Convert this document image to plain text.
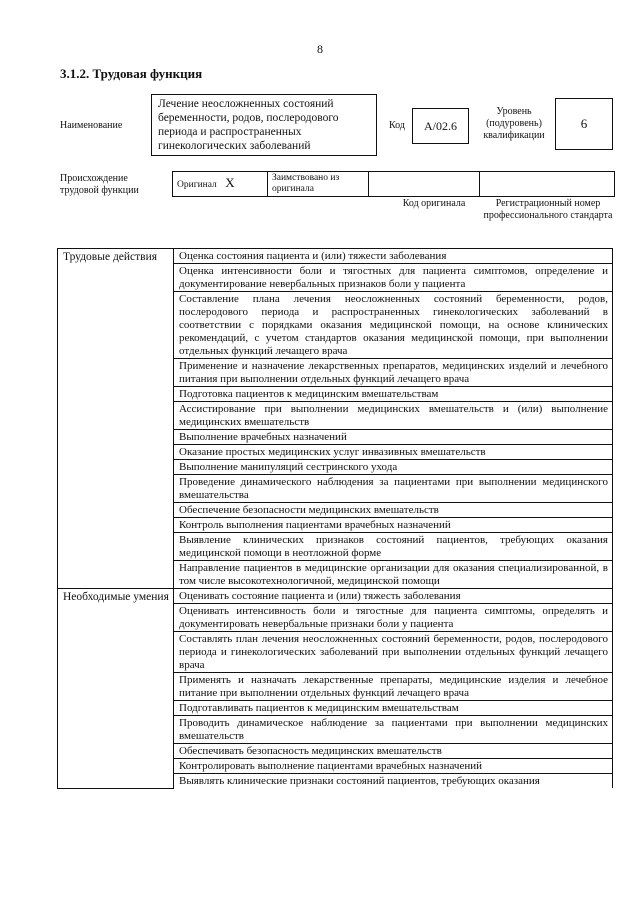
8
3.1.2. Трудовая функция
Наименование
Лечение неосложненных состояний беременности, родов, послеродового периода и распространенных гинекологических заболеваний
Код A/02.6
Уровень (подуровень) квалификации
6
Происхождение трудовой функции	Оригинал X	Заимствовано из оригинала		
Код оригинала	Регистрационный номер профессионального стандарта
Трудовые действия	Оценка состояния пациента и (или) тяжести заболевания
	Оценка интенсивности боли и тягостных для пациента симптомов, определение и документирование невербальных признаков боли у пациента
	Составление плана лечения неосложненных состояний беременности, родов, послеродового периода и распространенных гинекологических заболеваний в соответствии с порядками оказания медицинской помощи, на основе клинических рекомендаций, с учетом стандартов оказания медицинской помощи, при выполнении отдельных функций лечащего врача
	Применение и назначение лекарственных препаратов, медицинских изделий и лечебного питания при выполнении отдельных функций лечащего врача
	Подготовка пациентов к медицинским вмешательствам
	Ассистирование при выполнении медицинских вмешательств и (или) выполнение медицинских вмешательств
	Выполнение врачебных назначений
	Оказание простых медицинских услуг инвазивных вмешательств
	Выполнение манипуляций сестринского ухода
	Проведение динамического наблюдения за пациентами при выполнении медицинского вмешательства
	Обеспечение безопасности медицинских вмешательств
	Контроль выполнения пациентами врачебных назначений
	Выявление клинических признаков состояний пациентов, требующих оказания медицинской помощи в неотложной форме
	Направление пациентов в медицинские организации для оказания специализированной, в том числе высокотехнологичной, медицинской помощи
Необходимые умения	Оценивать состояние пациента и (или) тяжесть заболевания
	Оценивать интенсивность боли и тягостные для пациента симптомы, определять и документировать невербальные признаки боли у пациента
	Составлять план лечения неосложненных состояний беременности, родов, послеродового периода и гинекологических заболеваний при выполнении отдельных функций лечащего врача
	Применять и назначать лекарственные препараты, медицинские изделия и лечебное питание при выполнении отдельных функций лечащего врача
	Подготавливать пациентов к медицинским вмешательствам
	Проводить динамическое наблюдение за пациентами при выполнении медицинских вмешательств
	Обеспечивать безопасность медицинских вмешательств
	Контролировать выполнение пациентами врачебных назначений
	Выявлять клинические признаки состояний пациентов, требующих оказания
